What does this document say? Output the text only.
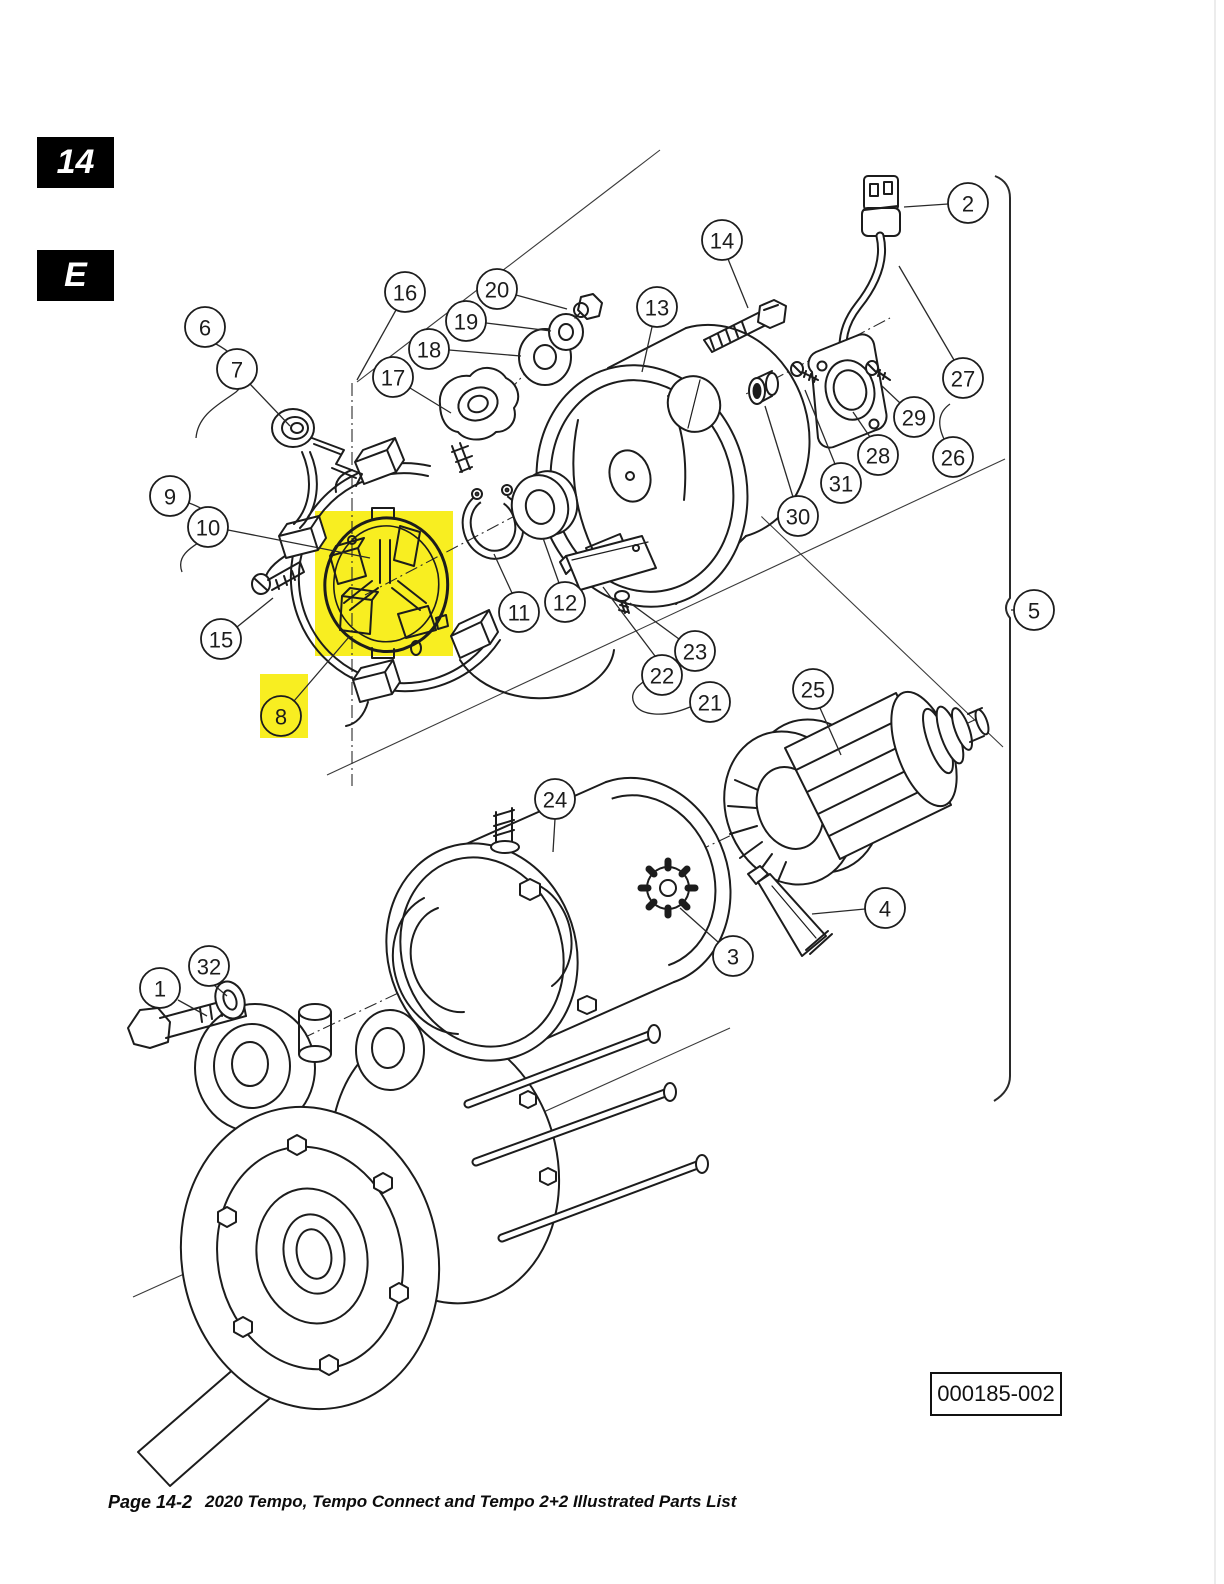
14
E
1
2
3
4
5
6
7
8
9
10
11 12
13
14
15
16
17
18
19
20
21
22
23
24
25
26
27
28
29
30
31
32
000185-002
Page 14-2 2020 Tempo, Tempo Connect and Tempo 2+2 Illustrated Parts List
